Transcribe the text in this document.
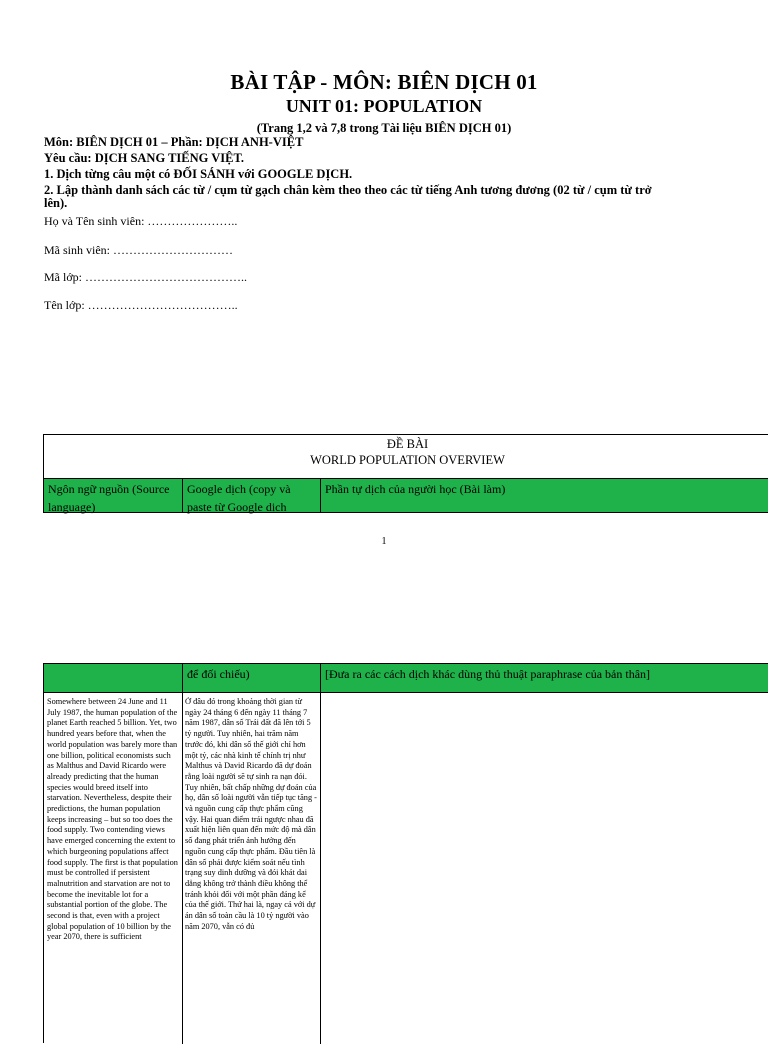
BÀI TẬP - MÔN: BIÊN DỊCH 01
UNIT 01: POPULATION
(Trang 1,2 và 7,8 trong Tài liệu BIÊN DỊCH 01)
Môn: BIÊN DỊCH 01 – Phần: DỊCH ANH-VIỆT
Yêu cầu: DỊCH SANG TIẾNG VIỆT.
1. Dịch từng câu một có ĐỐI SÁNH với GOOGLE DỊCH.
2. Lập thành danh sách các từ / cụm từ gạch chân kèm theo theo các từ tiếng Anh tương đương (02 từ / cụm từ trở lên).
Họ và Tên sinh viên: …………………..
Mã sinh viên: …………………………
Mã lớp: …………………………………..
Tên lớp: ………………………………..
ĐỀ BÀI
WORLD POPULATION OVERVIEW
Ngôn ngữ nguồn (Source language)
Google dịch (copy và paste từ Google dịch
Phần tự dịch của người học (Bài làm)
1
để đối chiếu)	[Đưa ra các cách dịch khác dùng thủ thuật paraphrase của bản thân]
Somewhere between 24 June and 11 July 1987, the human population of the planet Earth reached 5 billion. Yet, two hundred years before that, when the world population was barely more than one billion, political economists such as Malthus and David Ricardo were already predicting that the human species would breed itself into starvation. Nevertheless, despite their predictions, the human population keeps increasing – but so too does the food supply. Two contending views have emerged concerning the extent to which burgeoning populations affect food supply. The first is that population must be controlled if persistent malnutrition and starvation are not to become the inevitable lot for a substantial portion of the globe. The second is that, even with a project global population of 10 billion by the year 2070, there is sufficient
Ở đâu đó trong khoảng thời gian từ ngày 24 tháng 6 đến ngày 11 tháng 7 năm 1987, dân số Trái đất đã lên tới 5 tỷ người. Tuy nhiên, hai trăm năm trước đó, khi dân số thế giới chỉ hơn một tỷ, các nhà kinh tế chính trị như Malthus và David Ricardo đã dự đoán rằng loài người sẽ tự sinh ra nạn đói. Tuy nhiên, bất chấp những dự đoán của họ, dân số loài người vẫn tiếp tục tăng - và nguồn cung cấp thực phẩm cũng vậy. Hai quan điểm trái ngược nhau đã xuất hiện liên quan đến mức độ mà dân số đang phát triển ảnh hưởng đến nguồn cung cấp thực phẩm. Đầu tiên là dân số phải được kiểm soát nếu tình trạng suy dinh dưỡng và đói khát dai dẳng không trở thành điều không thể tránh khỏi đối với một phần đáng kể của thế giới. Thứ hai là, ngay cả với dự án dân số toàn cầu là 10 tỷ người vào năm 2070, vẫn có đủ
